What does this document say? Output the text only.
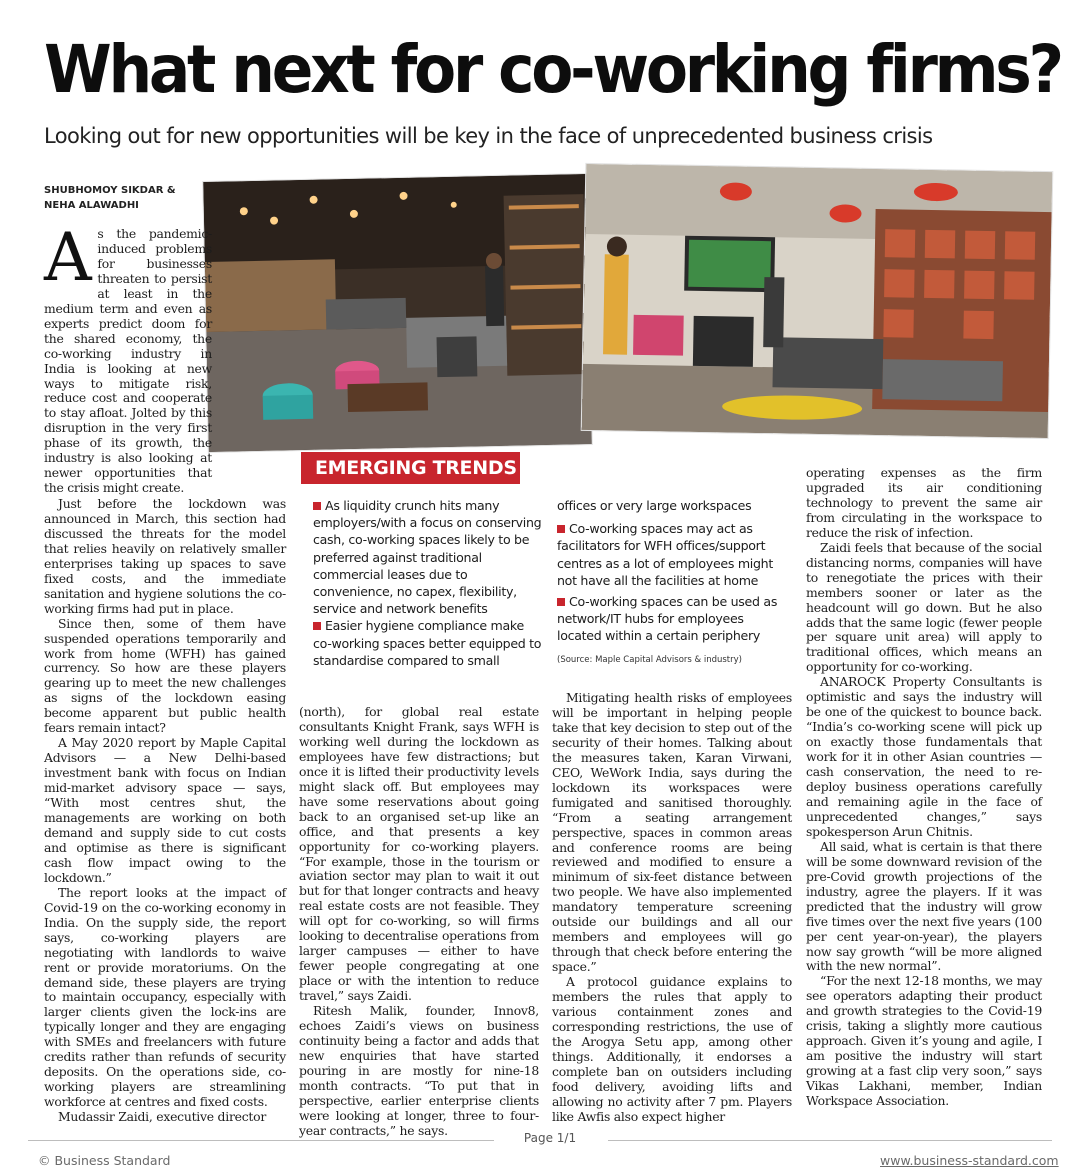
What next for co-working firms?
Looking out for new opportunities will be key in the face of unprecedented business crisis
SHUBHOMOY SIKDAR &
NEHA ALAWADHI

As the pandemic-induced problems for businesses threaten to persist at least in the medium term and even as experts predict doom for the shared economy, the co-working industry in India is looking at new ways to mitigate risk, reduce cost and cooperate to stay afloat. Jolted by this disruption in the very first phase of its growth, the industry is also looking at newer opportunities that the crisis might create.

Just before the lockdown was announced in March, this section had discussed the threats for the model that relies heavily on relatively smaller enterprises taking up spaces to save fixed costs, and the immediate sanitation and hygiene solutions the co-working firms had put in place.

Since then, some of them have suspended operations temporarily and work from home (WFH) has gained currency. So how are these players gearing up to meet the new challenges as signs of the lockdown easing become apparent but public health fears remain intact?

A May 2020 report by Maple Capital Advisors — a New Delhi-based investment bank with focus on Indian mid-market advisory space — says, “With most centres shut, the managements are working on both demand and supply side to cut costs and optimise as there is significant cash flow impact owing to the lockdown.”

The report looks at the impact of Covid-19 on the co-working economy in India. On the supply side, the report says, co-working players are negotiating with landlords to waive rent or provide moratoriums. On the demand side, these players are trying to maintain occupancy, especially with larger clients given the lock-ins are typically longer and they are engaging with SMEs and freelancers with future credits rather than refunds of security deposits. On the operations side, co-working players are streamlining workforce at centres and fixed costs.

Mudassir Zaidi, executive director

EMERGING TRENDS
As liquidity crunch hits many employers/with a focus on conserving cash, co-working spaces likely to be preferred against traditional commercial leases due to convenience, no capex, flexibility, service and network benefits
Easier hygiene compliance make co-working spaces better equipped to standardise compared to small
offices or very large workspaces
Co-working spaces may act as facilitators for WFH offices/support centres as a lot of employees might not have all the facilities at home
Co-working spaces can be used as network/IT hubs for employees located within a certain periphery
(Source: Maple Capital Advisors & industry)

(north), for global real estate consultants Knight Frank, says WFH is working well during the lockdown as employees have few distractions; but once it is lifted their productivity levels might slack off. But employees may have some reservations about going back to an organised set-up like an office, and that presents a key opportunity for co-working players. “For example, those in the tourism or aviation sector may plan to wait it out but for that longer contracts and heavy real estate costs are not feasible. They will opt for co-working, so will firms looking to decentralise operations from larger campuses — either to have fewer people congregating at one place or with the intention to reduce travel,” says Zaidi.

Ritesh Malik, founder, Innov8, echoes Zaidi’s views on business continuity being a factor and adds that new enquiries that have started pouring in are mostly for nine-18 month contracts. “To put that in perspective, earlier enterprise clients were looking at longer, three to four-year contracts,” he says.

Mitigating health risks of employees will be important in helping people take that key decision to step out of the security of their homes. Talking about the measures taken, Karan Virwani, CEO, WeWork India, says during the lockdown its workspaces were fumigated and sanitised thoroughly. “From a seating arrangement perspective, spaces in common areas and conference rooms are being reviewed and modified to ensure a minimum of six-feet distance between two people. We have also implemented mandatory temperature screening outside our buildings and all our members and employees will go through that check before entering the space.”

A protocol guidance explains to members the rules that apply to various containment zones and corresponding restrictions, the use of the Arogya Setu app, among other things. Additionally, it endorses a complete ban on outsiders including food delivery, avoiding lifts and allowing no activity after 7 pm. Players like Awfis also expect higher

operating expenses as the firm upgraded its air conditioning technology to prevent the same air from circulating in the workspace to reduce the risk of infection.

Zaidi feels that because of the social distancing norms, companies will have to renegotiate the prices with their members sooner or later as the headcount will go down. But he also adds that the same logic (fewer people per square unit area) will apply to traditional offices, which means an opportunity for co-working.

ANAROCK Property Consultants is optimistic and says the industry will be one of the quickest to bounce back. “India’s co-working scene will pick up on exactly those fundamentals that work for it in other Asian countries — cash conservation, the need to re-deploy business operations carefully and remaining agile in the face of unprecedented changes,” says spokesperson Arun Chitnis.

All said, what is certain is that there will be some downward revision of the pre-Covid growth projections of the industry, agree the players. If it was predicted that the industry will grow five times over the next five years (100 per cent year-on-year), the players now say growth “will be more aligned with the new normal”.

“For the next 12-18 months, we may see operators adapting their product and growth strategies to the Covid-19 crisis, taking a slightly more cautious approach. Given it’s young and agile, I am positive the industry will start growing at a fast clip very soon,” says Vikas Lakhani, member, Indian Workspace Association.

Page 1/1
© Business Standard	www.business-standard.com
